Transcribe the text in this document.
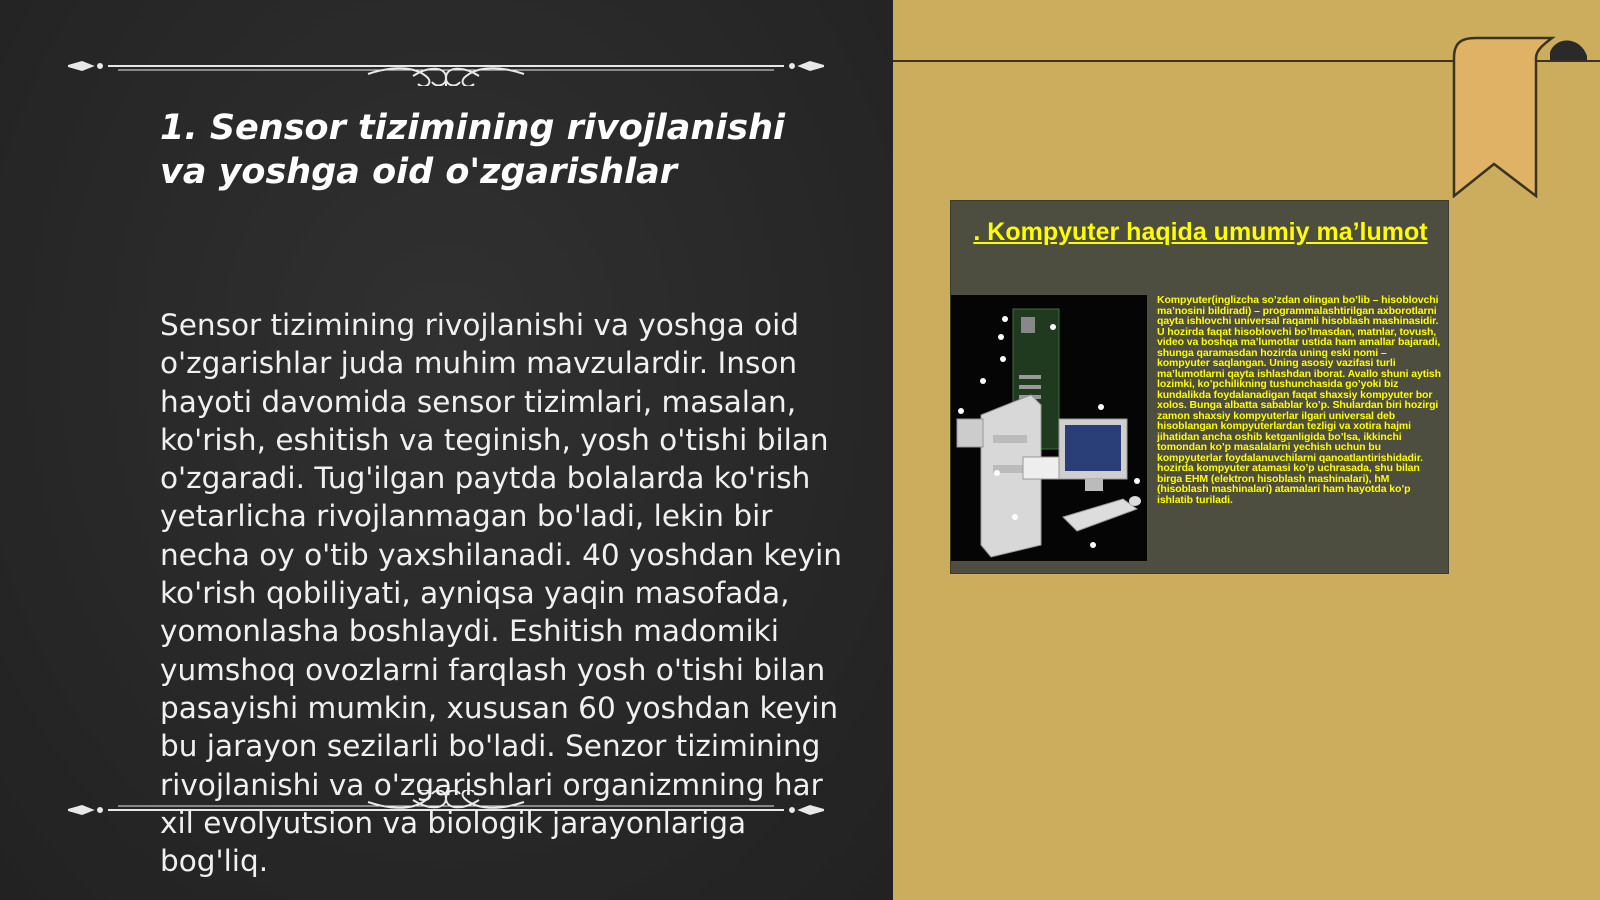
1. Sensor tizimining rivojlanishi va yoshga oid o'zgarishlar

Sensor tizimining rivojlanishi va yoshga oid o'zgarishlar juda muhim mavzulardir. Inson hayoti davomida sensor tizimlari, masalan, ko'rish, eshitish va teginish, yosh o'tishi bilan o'zgaradi. Tug'ilgan paytda bolalarda ko'rish yetarlicha rivojlanmagan bo'ladi, lekin bir necha oy o'tib yaxshilanadi. 40 yoshdan keyin ko'rish qobiliyati, ayniqsa yaqin masofada, yomonlasha boshlaydi. Eshitish madomiki yumshoq ovozlarni farqlash yosh o'tishi bilan pasayishi mumkin, xususan 60 yoshdan keyin bu jarayon sezilarli bo'ladi. Senzor tizimining rivojlanishi va o'zgarishlari organizmning har xil evolyutsion va biologik jarayonlariga bog'liq.

. Kompyuter haqida umumiy ma’lumot

Kompyuter(inglizcha so’zdan olingan bo’lib – hisoblovchi ma’nosini bildiradi) – programmalashtirilgan axborotlarni qayta ishlovchi universal raqamli hisoblash mashinasidir. U hozirda faqat hisoblovchi bo’lmasdan, matnlar, tovush, video va boshqa ma’lumotlar ustida ham amallar bajaradi, shunga qaramasdan hozirda uning eski nomi – kompyuter saqlangan. Uning asosiy vazifasi turli ma’lumotlarni qayta ishlashdan iborat. Avallo shuni aytish lozimki, ko’pchilikning tushunchasida go’yoki biz kundalikda foydalanadigan faqat shaxsiy kompyuter bor xolos. Bunga albatta sabablar ko’p. Shulardan biri hozirgi zamon shaxsiy kompyuterlar ilgari universal deb hisoblangan kompyuterlardan tezligi va xotira hajmi jihatidan ancha oshib ketganligida bo’lsa, ikkinchi tomondan ko’p masalalarni yechish uchun bu kompyuterlar foydalanuvchilarni qanoatlantirishidadir. hozirda kompyuter atamasi ko’p uchrasada, shu bilan birga EHM (elektron hisoblash mashinalari), hM (hisoblash mashinalari) atamalari ham hayotda ko’p ishlatib turiladi.
